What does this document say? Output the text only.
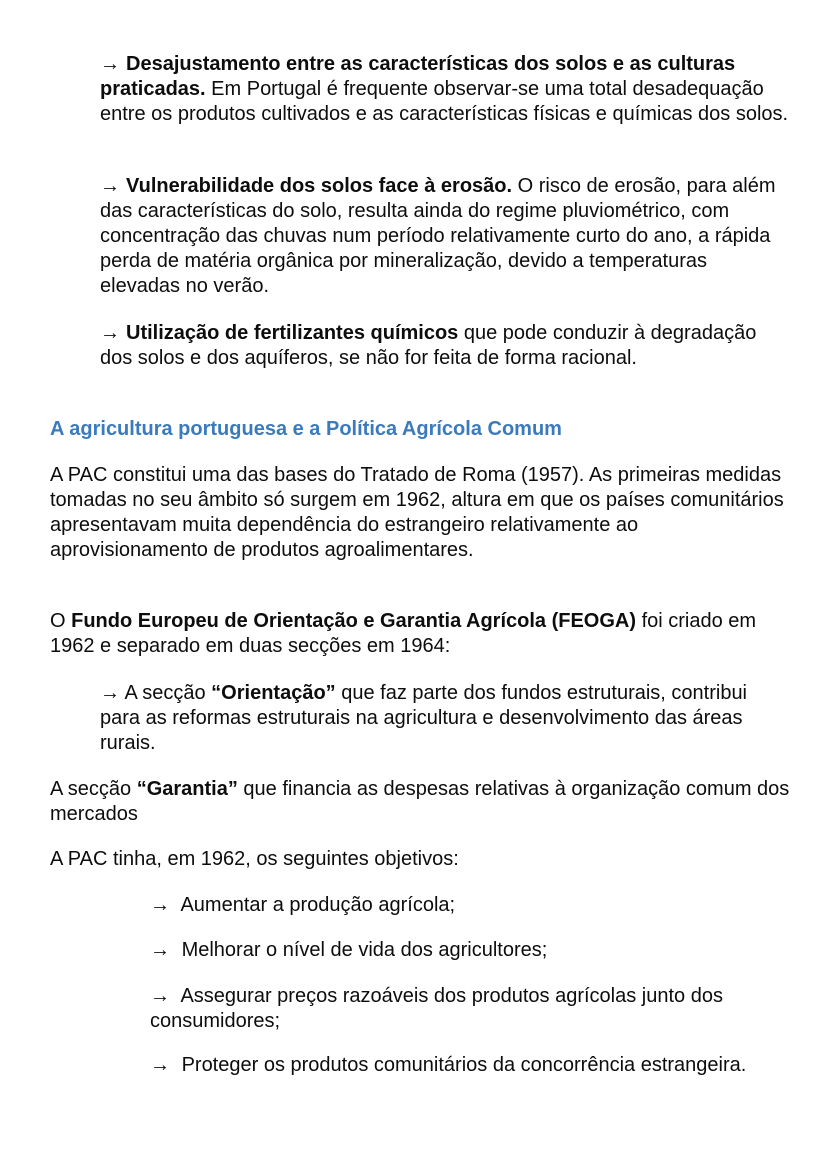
→ Desajustamento entre as características dos solos e as culturas praticadas. Em Portugal é frequente observar-se uma total desadequação entre os produtos cultivados e as características físicas e químicas dos solos.

→ Vulnerabilidade dos solos face à erosão. O risco de erosão, para além das características do solo, resulta ainda do regime pluviométrico, com concentração das chuvas num período relativamente curto do ano, a rápida perda de matéria orgânica por mineralização, devido a temperaturas elevadas no verão.

→ Utilização de fertilizantes químicos que pode conduzir à degradação dos solos e dos aquíferos, se não for feita de forma racional.

A agricultura portuguesa e a Política Agrícola Comum

A PAC constitui uma das bases do Tratado de Roma (1957). As primeiras medidas tomadas no seu âmbito só surgem em 1962, altura em que os países comunitários apresentavam muita dependência do estrangeiro relativamente ao aprovisionamento de produtos agroalimentares.

O Fundo Europeu de Orientação e Garantia Agrícola (FEOGA) foi criado em 1962 e separado em duas secções em 1964:

→ A secção “Orientação” que faz parte dos fundos estruturais, contribui para as reformas estruturais na agricultura e desenvolvimento das áreas rurais.

A secção “Garantia” que financia as despesas relativas à organização comum dos mercados

A PAC tinha, em 1962, os seguintes objetivos:

→ Aumentar a produção agrícola;

→ Melhorar o nível de vida dos agricultores;

→ Assegurar preços razoáveis dos produtos agrícolas junto dos consumidores;

→ Proteger os produtos comunitários da concorrência estrangeira.
